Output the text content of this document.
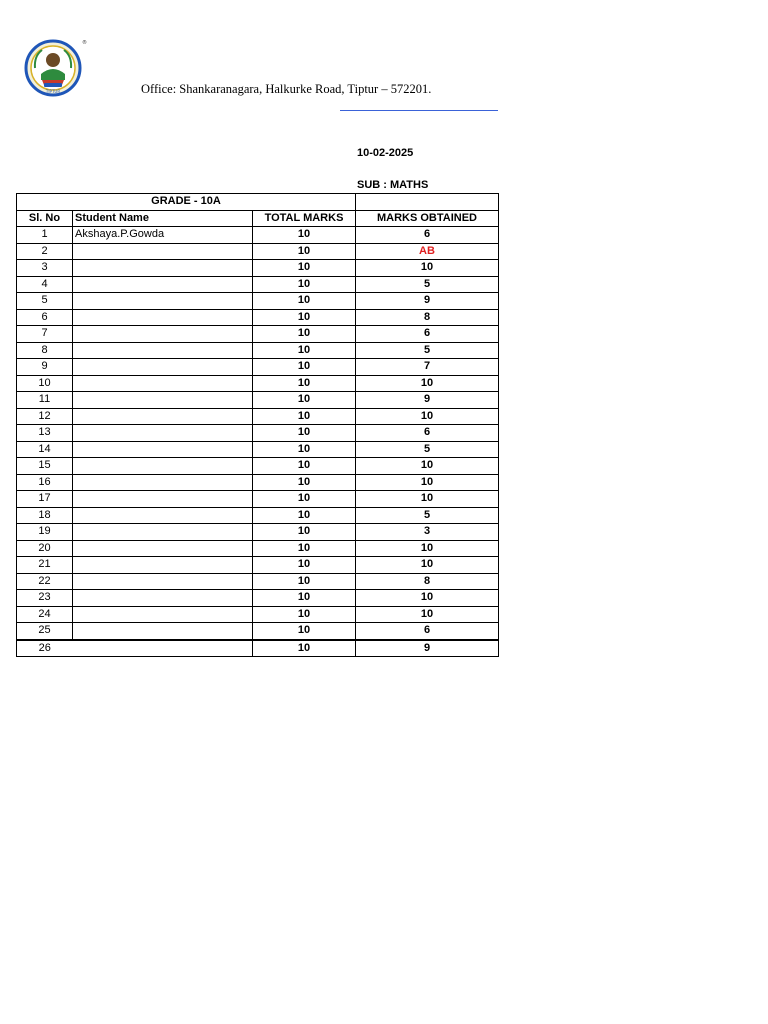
TIPTUR
®
Office: Shankaranagara, Halkurke Road, Tiptur – 572201.
10-02-2025
SUB : MATHS
GRADE - 10A			
Sl. No	Student Name	TOTAL MARKS	MARKS OBTAINED
1	Akshaya.P.Gowda	10	6
2		10	AB
3		10	10
4		10	5
5		10	9
6		10	8
7		10	6
8		10	5
9		10	7
10		10	10
11		10	9
12		10	10
13		10	6
14		10	5
15		10	10
16		10	10
17		10	10
18		10	5
19		10	3
20		10	10
21		10	10
22		10	8
23		10	10
24		10	10
25		10	6
26		10	9
